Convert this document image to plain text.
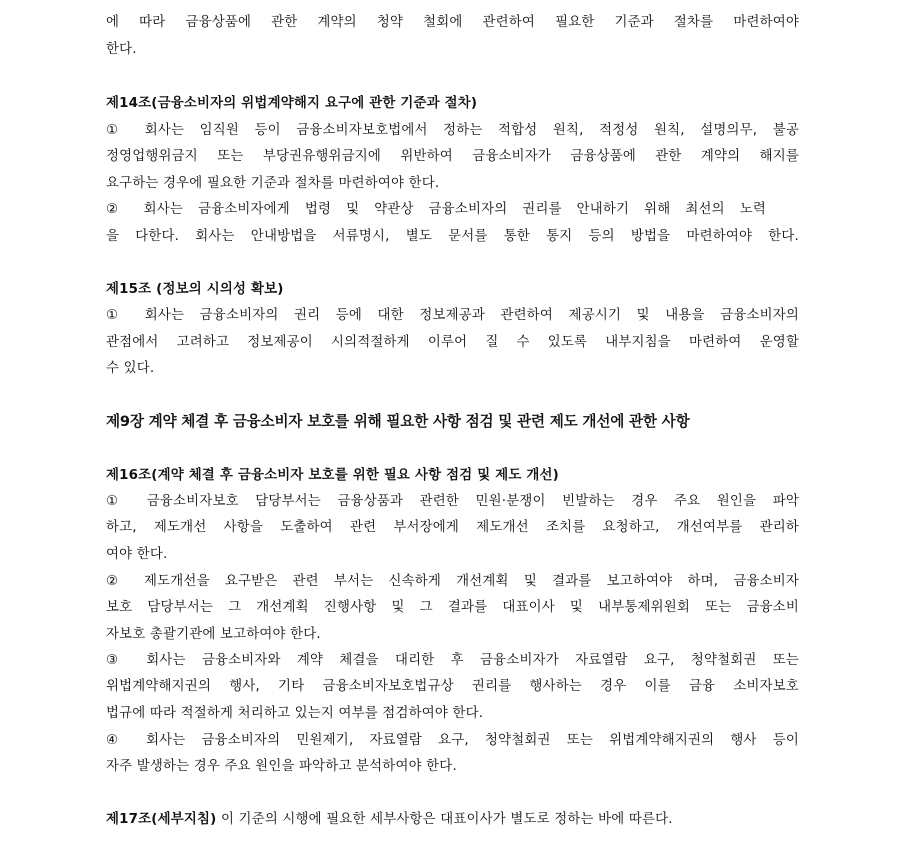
에 따라 금융상품에 관한 계약의 청약 철회에 관련하여 필요한 기준과 절차를 마련하여야
한다.
제14조(금융소비자의 위법계약해지 요구에 관한 기준과 절차)
① 회사는 임직원 등이 금융소비자보호법에서 정하는 적합성 원칙, 적정성 원칙, 설명의무, 불공
정영업행위금지 또는 부당권유행위금지에 위반하여 금융소비자가 금융상품에 관한 계약의 해지를
요구하는 경우에 필요한 기준과 절차를 마련하여야 한다.
② 회사는 금융소비자에게 법령 및 약관상 금융소비자의 권리를 안내하기 위해 최선의 노력
을 다한다. 회사는 안내방법을 서류명시, 별도 문서를 통한 통지 등의 방법을 마련하여야 한다.
제15조 (정보의 시의성 확보)
① 회사는 금융소비자의 권리 등에 대한 정보제공과 관련하여 제공시기 및 내용을 금융소비자의
관점에서 고려하고 정보제공이 시의적절하게 이루어 질 수 있도록 내부지침을 마련하여 운영할
수 있다.
제9장 계약 체결 후 금융소비자 보호를 위해 필요한 사항 점검 및 관련 제도 개선에 관한 사항
제16조(계약 체결 후 금융소비자 보호를 위한 필요 사항 점검 및 제도 개선)
① 금융소비자보호 담당부서는 금융상품과 관련한 민원·분쟁이 빈발하는 경우 주요 원인을 파악
하고, 제도개선 사항을 도출하여 관련 부서장에게 제도개선 조치를 요청하고, 개선여부를 관리하
여야 한다.
② 제도개선을 요구받은 관련 부서는 신속하게 개선계획 및 결과를 보고하여야 하며, 금융소비자
보호 담당부서는 그 개선계획 진행사항 및 그 결과를 대표이사 및 내부통제위원회 또는 금융소비
자보호 총괄기관에 보고하여야 한다.
③ 회사는 금융소비자와 계약 체결을 대리한 후 금융소비자가 자료열람 요구, 청약철회권 또는
위법계약해지권의 행사, 기타 금융소비자보호법규상 권리를 행사하는 경우 이를 금융 소비자보호
법규에 따라 적절하게 처리하고 있는지 여부를 점검하여야 한다.
④ 회사는 금융소비자의 민원제기, 자료열람 요구, 청약철회권 또는 위법계약해지권의 행사 등이
자주 발생하는 경우 주요 원인을 파악하고 분석하여야 한다.
제17조(세부지침) 이 기준의 시행에 필요한 세부사항은 대표이사가 별도로 정하는 바에 따른다.
